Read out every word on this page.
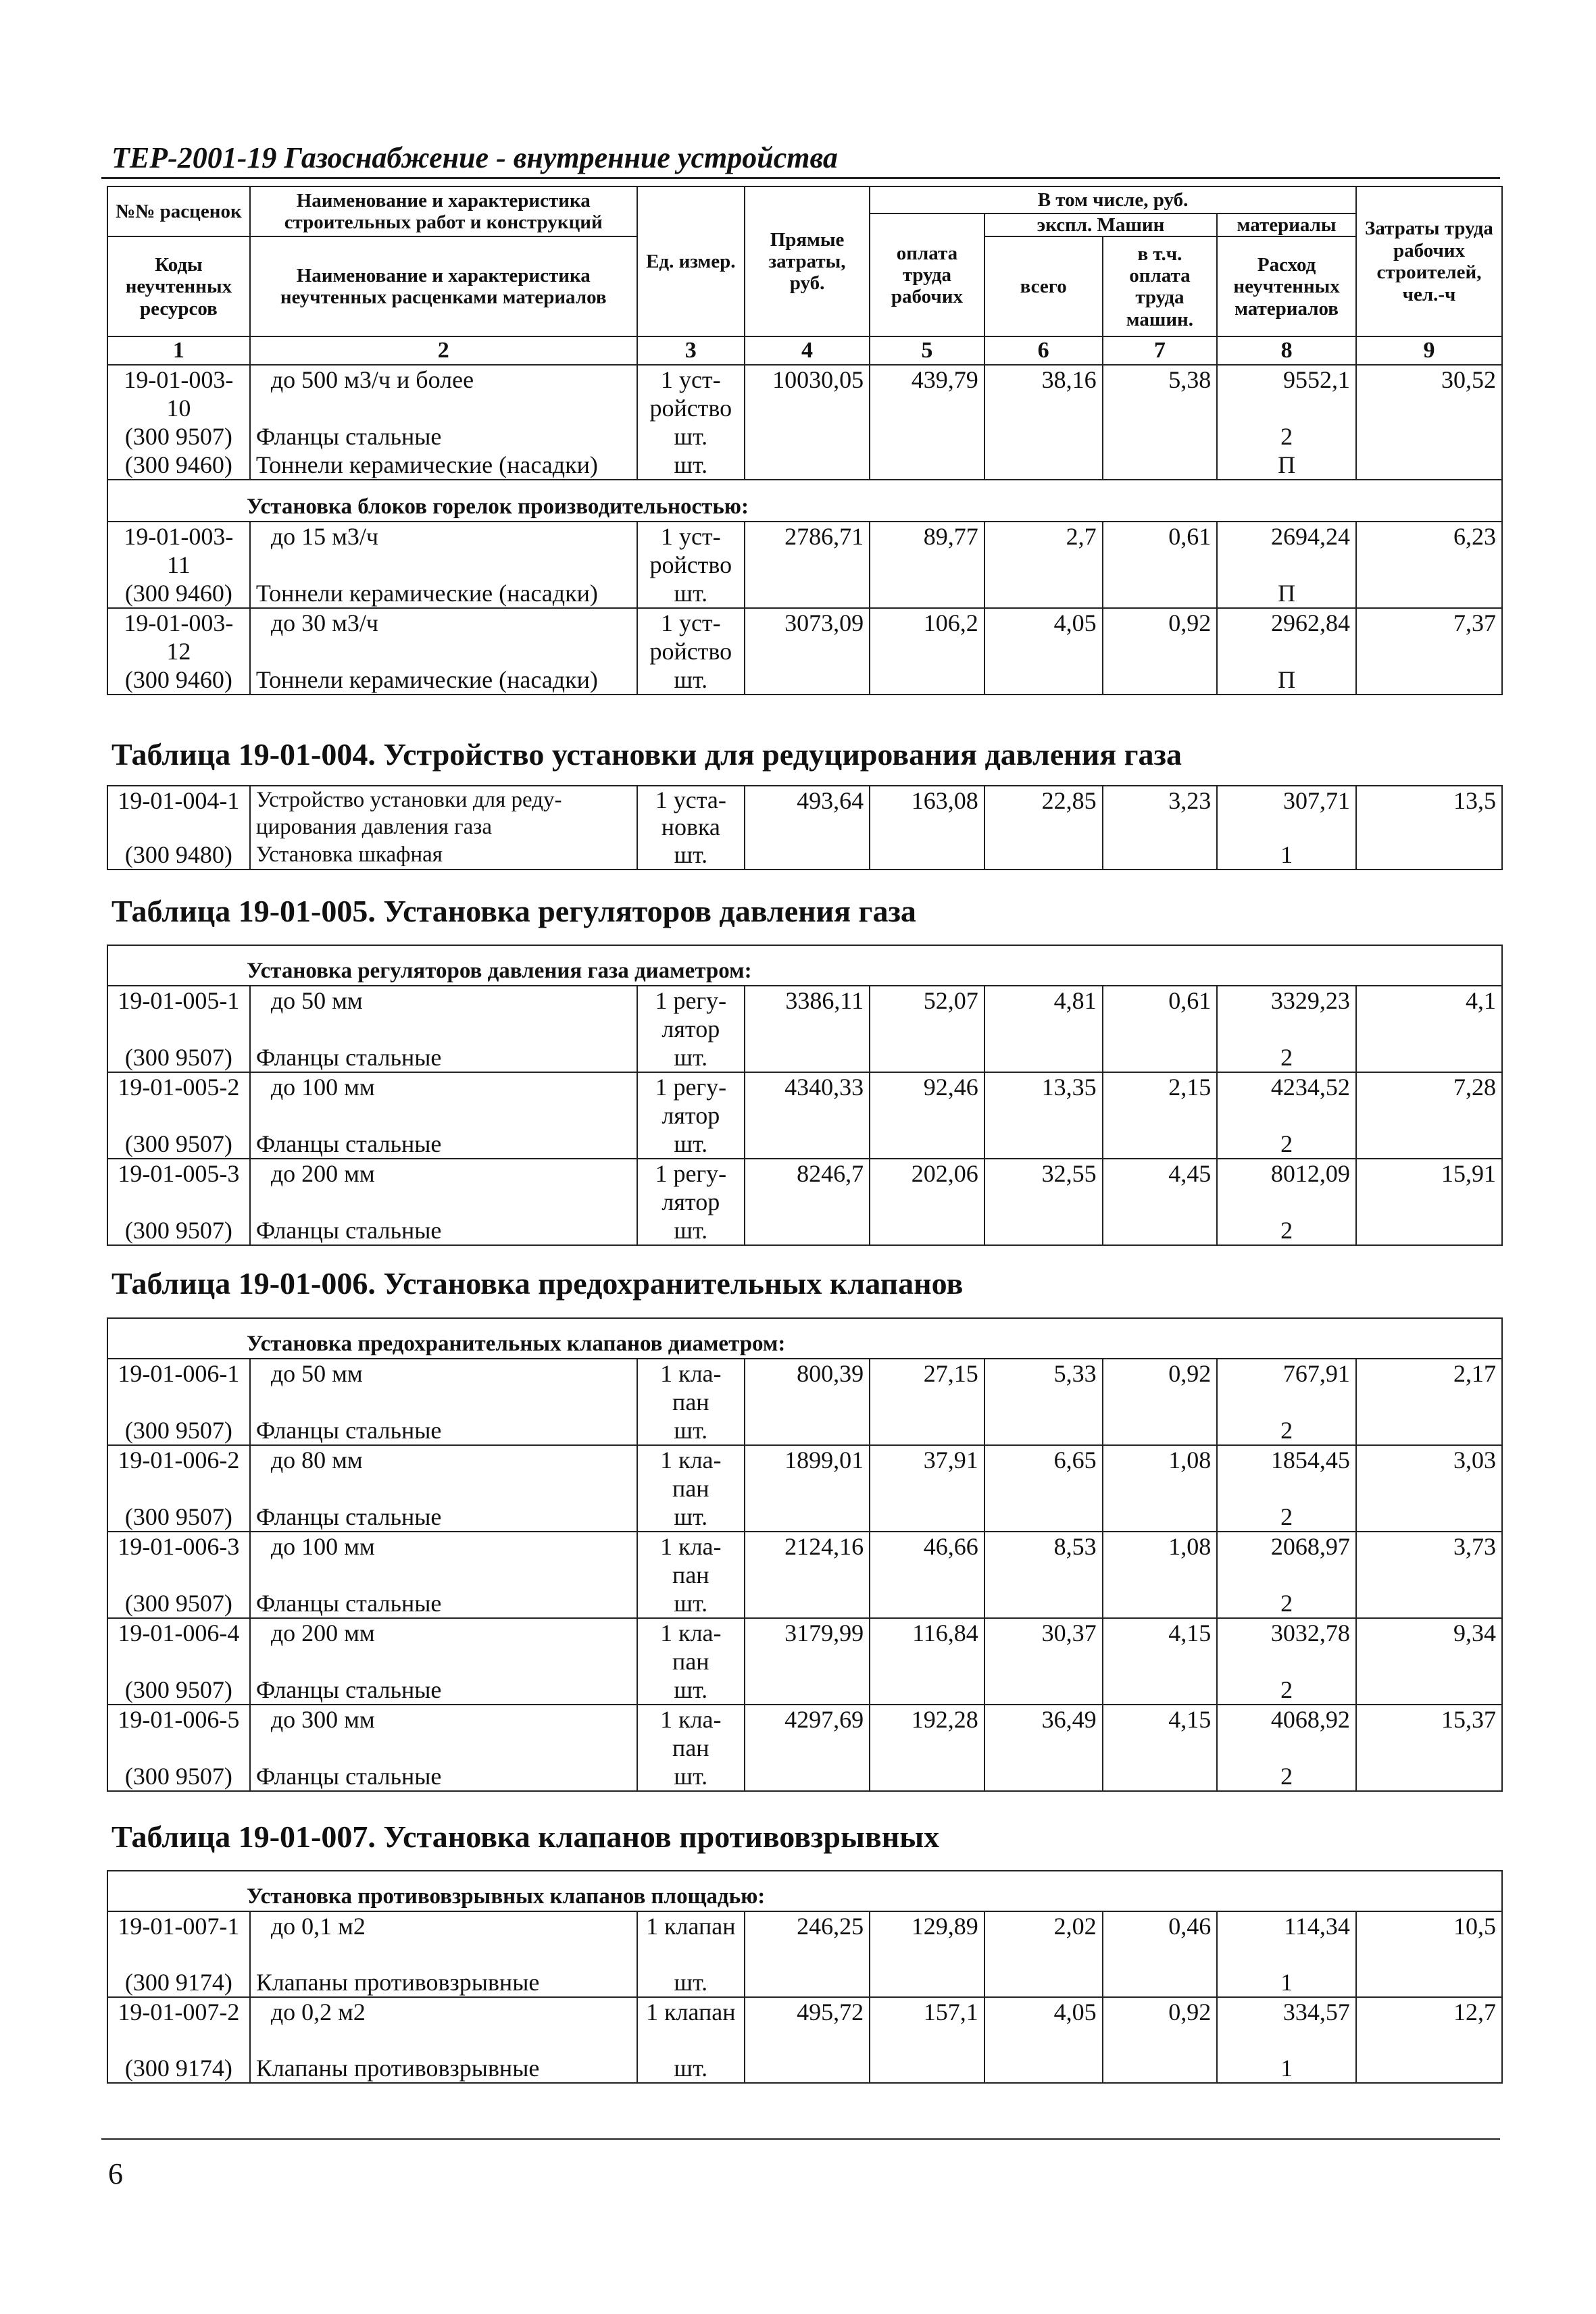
ТЕР-2001-19 Газоснабжение - внутренние устройства
№№ расценок	Наименование и характеристика строительных работ и конструкций	Ед. измер.	Прямые затраты, руб.	В том числе, руб.				Затраты труда рабочих строителей, чел.-ч
				оплата труда рабочих	экспл. Машин		материалы	
Коды неучтенных ресурсов	Наименование и характеристика неучтенных расценками материалов				всего	в т.ч. оплата труда машин.	Расход неучтенных материалов	

1	2	3	4	5	6	7	8	9
19-01-003-10	до 500 м3/ч и более	1 уст-ройство	10030,05	439,79	38,16	5,38	9552,1	30,52
(300 9507)	Фланцы стальные	шт.					2	
(300 9460)	Тоннели керамические (насадки)	шт.					П	
Установка блоков горелок производительностью:								
19-01-003-11	до 15 м3/ч	1 уст-ройство	2786,71	89,77	2,7	0,61	2694,24	6,23
(300 9460)	Тоннели керамические (насадки)	шт.					П	
19-01-003-12	до 30 м3/ч	1 уст-ройство	3073,09	106,2	4,05	0,92	2962,84	7,37
(300 9460)	Тоннели керамические (насадки)	шт.					П	
Таблица 19-01-004. Устройство установки для редуцирования давления газа
19-01-004-1	Устройство установки для реду-цирования давления газа	1 уста-новка	493,64	163,08	22,85	3,23	307,71	13,5
(300 9480)	Установка шкафная	шт.					1	
Таблица 19-01-005. Установка регуляторов давления газа
Установка регуляторов давления газа диаметром:								
19-01-005-1	до 50 мм	1 регу-лятор	3386,11	52,07	4,81	0,61	3329,23	4,1
(300 9507)	Фланцы стальные	шт.					2	
19-01-005-2	до 100 мм	1 регу-лятор	4340,33	92,46	13,35	2,15	4234,52	7,28
(300 9507)	Фланцы стальные	шт.					2	
19-01-005-3	до 200 мм	1 регу-лятор	8246,7	202,06	32,55	4,45	8012,09	15,91
(300 9507)	Фланцы стальные	шт.					2	
Таблица 19-01-006. Установка предохранительных клапанов
Установка предохранительных клапанов диаметром:								
19-01-006-1	до 50 мм	1 кла-пан	800,39	27,15	5,33	0,92	767,91	2,17
(300 9507)	Фланцы стальные	шт.					2	
19-01-006-2	до 80 мм	1 кла-пан	1899,01	37,91	6,65	1,08	1854,45	3,03
(300 9507)	Фланцы стальные	шт.					2	
19-01-006-3	до 100 мм	1 кла-пан	2124,16	46,66	8,53	1,08	2068,97	3,73
(300 9507)	Фланцы стальные	шт.					2	
19-01-006-4	до 200 мм	1 кла-пан	3179,99	116,84	30,37	4,15	3032,78	9,34
(300 9507)	Фланцы стальные	шт.					2	
19-01-006-5	до 300 мм	1 кла-пан	4297,69	192,28	36,49	4,15	4068,92	15,37
(300 9507)	Фланцы стальные	шт.					2	
Таблица 19-01-007. Установка клапанов противовзрывных
Установка противовзрывных клапанов площадью:								
19-01-007-1	до 0,1 м2	1 клапан	246,25	129,89	2,02	0,46	114,34	10,5
(300 9174)	Клапаны противовзрывные	шт.					1	
19-01-007-2	до 0,2 м2	1 клапан	495,72	157,1	4,05	0,92	334,57	12,7
(300 9174)	Клапаны противовзрывные	шт.					1	
6
